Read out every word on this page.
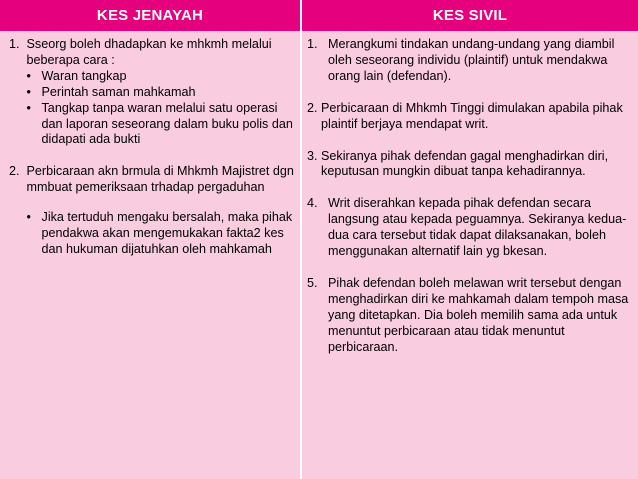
KES JENAYAH	KES SIVIL
1.
Sseorg boleh dhadapkan ke mhkmh melalui beberapa cara :
• Waran tangkap
• Perintah saman mahkamah
• Tangkap tanpa waran melalui satu operasi dan laporan seseorang dalam buku polis dan didapati ada bukti
2.
Perbicaraan akn brmula di Mhkmh Majistret dgn mmbuat pemeriksaan trhadap pergaduhan
• Jika tertuduh mengaku bersalah, maka pihak pendakwa akan mengemukakan fakta2 kes dan hukuman dijatuhkan oleh mahkamah
1.
Merangkumi tindakan undang-undang yang diambil oleh seseorang individu (plaintif) untuk mendakwa orang lain (defendan).
2.
Perbicaraan di Mhkmh Tinggi dimulakan apabila pihak plaintif berjaya mendapat writ.
3.
Sekiranya pihak defendan gagal menghadirkan diri, keputusan mungkin dibuat tanpa kehadirannya.
4.
Writ diserahkan kepada pihak defendan secara langsung atau kepada peguamnya. Sekiranya kedua-dua cara tersebut tidak dapat dilaksanakan, boleh menggunakan alternatif lain yg bkesan.
5.
Pihak defendan boleh melawan writ tersebut dengan menghadirkan diri ke mahkamah dalam tempoh masa yang ditetapkan. Dia boleh memilih sama ada untuk menuntut perbicaraan atau tidak menuntut perbicaraan.
